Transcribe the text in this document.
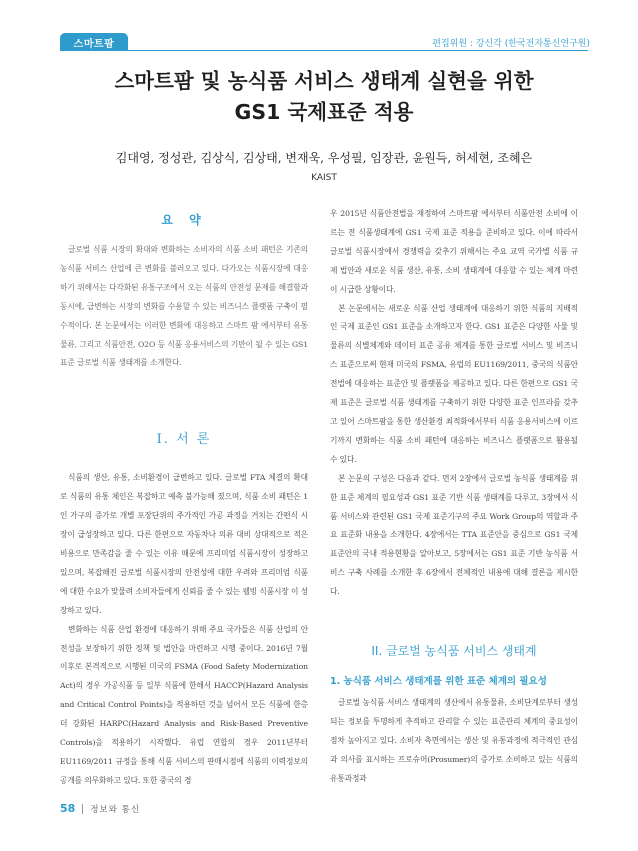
스마트팜	편집위원 : 강신각 (한국전자통신연구원)
스마트팜 및 농식품 서비스 생태계 실현을 위한
GS1 국제표준 적용
김대영, 정성관, 김상식, 김상태, 변재욱, 우성필, 임장관, 윤원득, 허세현, 조혜은
KAIST
요 약

글로벌 식품 시장의 확대와 변화하는 소비자의 식품 소비 패턴은 기존의 농식품 서비스 산업에 큰 변화를 불러오고 있다. 다가오는 식품시장에 대응하기 위해서는 다각화된 유통구조에서 오는 식품의 안전성 문제를 해결함과 동시에, 급변하는 시장의 변화를 수용할 수 있는 비즈니스 플랫폼 구축이 필수적이다. 본 논문에서는 이러한 변화에 대응하고 스마트 팜 에서부터 유통물류, 그리고 식품안전, O2O 등 식품 응용서비스의 기반이 될 수 있는 GS1 표준 글로벌 식품 생태계를 소개한다.

I. 서 론

식품의 생산, 유통, 소비환경이 급변하고 있다. 글로벌 FTA 체결의 확대로 식품의 유통 체인은 복잡하고 예측 불가능해 졌으며, 식품 소비 패턴은 1인 가구의 증가로 개별 포장단위의 주가적인 가공 과정을 거치는 간편식 시장이 급성장하고 있다. 다른 한편으로 자동차나 의류 대비 상대적으로 적은 비용으로 만족감을 줄 수 있는 이유 때문에 프리미엄 식품시장이 성장하고 있으며, 복잡해진 글로벌 식품시장의 안전성에 대한 우려와 프리미엄 식품에 대한 수요가 맞물려 소비자들에게 신뢰를 줄 수 있는 웰빙 식품시장 이 성장하고 있다.

변화하는 식품 산업 환경에 대응하기 위해 주요 국가들은 식품 산업의 안전성을 보장하기 위한 정책 및 법안을 마련하고 시행 중이다. 2016년 7월 이후로 본격적으로 시행된 미국의 FSMA (Food Safety Modernization Act)의 경우 가공식품 등 일부 식품에 한해서 HACCP(Hazard Analysis and Critical Control Points)을 적용하던 것을 넘어서 모든 식품에 한층 더 강화된 HARPC(Hazard Analysis and Risk-Based Preventive Controls)을 적용하기 시작했다. 유럽 연합의 경우 2011년부터 EU1169/2011 규정을 통해 식품 서비스의 판매시점에 식품의 이력정보의 공개를 의무화하고 있다. 또한 중국의 경

우 2015년 식품안전법을 재정하여 스마트팜 에서부터 식품안전 소비에 이르는 전 식품생태계에 GS1 국제 표준 적용을 준비하고 있다. 이에 따라서 글로벌 식품시장에서 경쟁력을 갖추기 위해서는 주요 교역 국가별 식품 규제 법안과 새로운 식품 생산, 유통, 소비 생태계에 대응할 수 있는 체계 마련이 시급한 상황이다.

본 논문에서는 새로운 식품 산업 생태계에 대응하기 위한 식품의 지배적인 국제 표준인 GS1 표준을 소개하고자 한다. GS1 표준은 다양한 사물 및 물류의 식별체계와 데이터 표준 공유 체계를 통한 글로벌 서비스 및 비즈니스 표준으로써 현재 미국의 FSMA, 유럽의 EU1169/2011, 중국의 식품안전법에 대응하는 표준안 및 플랫폼을 제공하고 있다. 다른 한편으로 GS1 국제 표준은 글로벌 식품 생태계를 구축하기 위한 다양한 표준 인프라를 갖추고 있어 스마트팜을 통한 생산환경 최적화에서부터 식품 응용서비스에 이르기까지 변화하는 식품 소비 패턴에 대응하는 비즈니스 플랫폼으로 활용될 수 있다.

본 논문의 구성은 다음과 같다. 먼저 2장에서 글로벌 농식품 생태계를 위한 표준 체계의 필요성과 GS1 표준 기반 식품 생태계를 다루고, 3장에서 식품 서비스와 관련된 GS1 국제 표준기구의 주요 Work Group의 역할과 주요 표준화 내용을 소개한다. 4장에서는 TTA 표준안을 중심으로 GS1 국제표준안의 국내 적용현황을 알아보고, 5장에서는 GS1 표준 기반 농식품 서비스 구축 사례를 소개한 후 6장에서 전체적인 내용에 대해 결론을 제시한다.

II. 글로벌 농식품 서비스 생태계
1. 농식품 서비스 생태계를 위한 표준 체계의 필요성

글로벌 농식품 서비스 생태계의 생산에서 유통물류, 소비단계로부터 생성되는 정보를 투명하게 추적하고 관리할 수 있는 표준관리 체계의 중요성이 점차 높아지고 있다. 소비자 측면에서는 생산 및 유통과정에 적극적인 관심과 의사를 표시하는 프로슈머(Prosumer)의 증가로 소비하고 있는 식품의 유통과정과

58 정보와 통신
